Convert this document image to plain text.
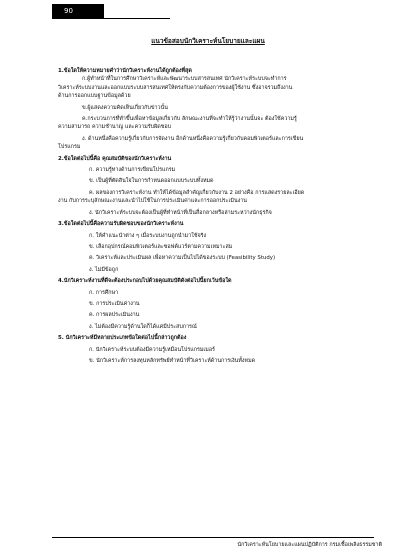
90
แนวข้อสอบนักวิเคราะห์นโยบายและแผน
1.ข้อใดให้ความหมายคำว่านักวิเคราะห์งานได้ถูกต้องที่สุด
ก.ผู้ทำหน้าที่ในการศึกษาวิเคราะห์และพัฒนาระบบสารสนเทศ นักวิเคราะห์ระบบจะทำการ
วิเคราะห์ระบบงานและออกแบบระบบสารสนเทศให้ตรงกับความต้องการของผู้ใช้งาน ซึ่งอาจรวมถึงงาน
ด้านการออกแบบฐานข้อมูลด้วย
ข.ผู้แสดงความคิดเห็นเกี่ยวกับข่าวนั้น
ค.กระบวนการที่ทำขึ้นเพื่อหาข้อมูลเกี่ยวกับ ลักษณะงานที่จะทำให้รู้ว่างานนั้นจะ ต้องใช้ความรู้
ความสามารถ ความชำนาญ และความรับผิดชอบ
ง. ด้านหนึ่งคือความรู้เกี่ยวกับการจัดงาน อีกด้านหนึ่งคือความรู้เกี่ยวกับคอมพิวเตอร์และการเขียน
โปรแกรม
2.ข้อใดต่อไปนี้คือ คุณสมบัติของนักวิเคราะห์งาน
ก. ความรู้ทางด้านการเขียนโปรแกรม
ข. เป็นผู้ที่ตัดสินใจในการกำหนดออกแบบระบบทั้งหมด
ค. ผลของการวิเคราะห์งาน ทำให้ได้ข้อมูลสำคัญเกี่ยวกับงาน 2 อย่างคือ การแสดงรายละเอียด
งาน กับการระบุลักษณะงานและนำไปใช้ในการประเมินค่าและการออกประเมินงาน
ง. นักวิเคราะห์ระบบจะต้องเป็นผู้ที่ทำหน้าที่เป็นสื่อกลางหรือล่ามระหว่างนักธุรกิจ
3.ข้อใดต่อไปนี้คือความรับผิดชอบของนักวิเคราะห์งาน
ก. ให้คำแนะนำต่าง ๆ เมื่อระบบงานถูกนำมาใช้จริง
ข. เลือกอุปกรณ์คอมพิวเตอร์และซอฟต์แวร์ตามความเหมาะสม
ค. วิเคราะห์และประเมินผล เพื่อหาความเป็นไปได้ของระบบ (Feasibility Study)
ง. ไม่มีข้อถูก
4.นักวิเคราะห์งานที่ดีจะต้องประกอบไปด้วยคุณสมบัติดังต่อไปนี้ยกเว้นข้อใด
ก. การศึกษา
ข. การประเมินค่างาน
ค. การผลประเมินงาน
ง. ไม่ต้องมีความรู้ด้านใดก็ได้แค่มีประสบการณ์
5. นักวิเคราะห์มีหลายประเภทข้อใดต่อไปนี้กล่าวถูกต้อง
ก. นักวิเคราะห์ระบบต้องมีความรู้เหมือนโปรแกรมเมอร์
ข. นักวิเคราะห์การลงทุนหลักทรัพย์ทำหน้าที่วิเคราะห์ด้านการเงินทั้งหมด
นักวิเคราะห์นโยบายและแผนปฏิบัติการ กรมเชื้อเพลิงธรรมชาติ
